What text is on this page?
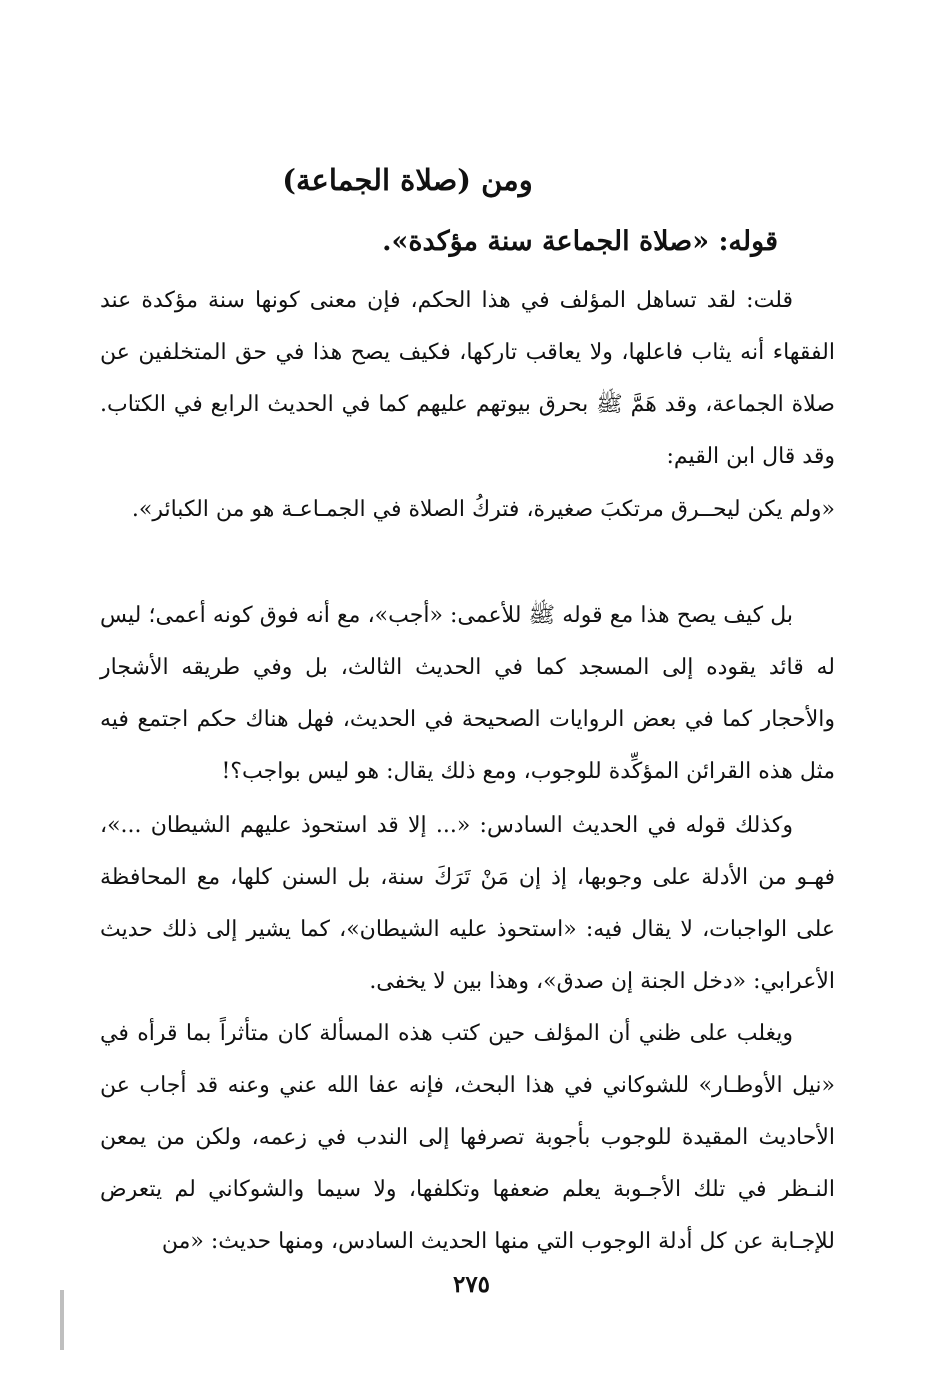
ومن (صلاة الجماعة)
قوله: «صلاة الجماعة سنة مؤكدة».

قلت: لقد تساهل المؤلف في هذا الحكم، فإن معنى كونها سنة مؤكدة عند الفقهاء أنه يثاب فاعلها، ولا يعاقب تاركها، فكيف يصح هذا في حق المتخلفين عن صلاة الجماعة، وقد هَمَّ ﷺ بحرق بيوتهم عليهم كما في الحديث الرابع في الكتاب. وقد قال ابن القيم:

«ولم يكن ليحــرق مرتكبَ صغيرة، فتركُ الصلاة في الجمـاعـة هو من الكبائر».

بل كيف يصح هذا مع قوله ﷺ للأعمى: «أجب»، مع أنه فوق كونه أعمى؛ ليس له قائد يقوده إلى المسجد كما في الحديث الثالث، بل وفي طريقه الأشجار والأحجار كما في بعض الروايات الصحيحة في الحديث، فهل هناك حكم اجتمع فيه مثل هذه القرائن المؤكِّدة للوجوب، ومع ذلك يقال: هو ليس بواجب؟!

وكذلك قوله في الحديث السادس: «... إلا قد استحوذ عليهم الشيطان ...»، فهـو من الأدلة على وجوبها، إذ إن مَنْ تَرَكَ سنة، بل السنن كلها، مع المحافظة على الواجبات، لا يقال فيه: «استحوذ عليه الشيطان»، كما يشير إلى ذلك حديث الأعرابي: «دخل الجنة إن صدق»، وهذا بين لا يخفى.

ويغلب على ظني أن المؤلف حين كتب هذه المسألة كان متأثراً بما قرأه في «نيل الأوطـار» للشوكاني في هذا البحث، فإنه عفا الله عني وعنه قد أجاب عن الأحاديث المقيدة للوجوب بأجوبة تصرفها إلى الندب في زعمه، ولكن من يمعن النـظر في تلك الأجـوبة يعلم ضعفها وتكلفها، ولا سيما والشوكاني لم يتعرض للإجـابة عن كل أدلة الوجوب التي منها الحديث السادس، ومنها حديث: «من

٢٧٥
